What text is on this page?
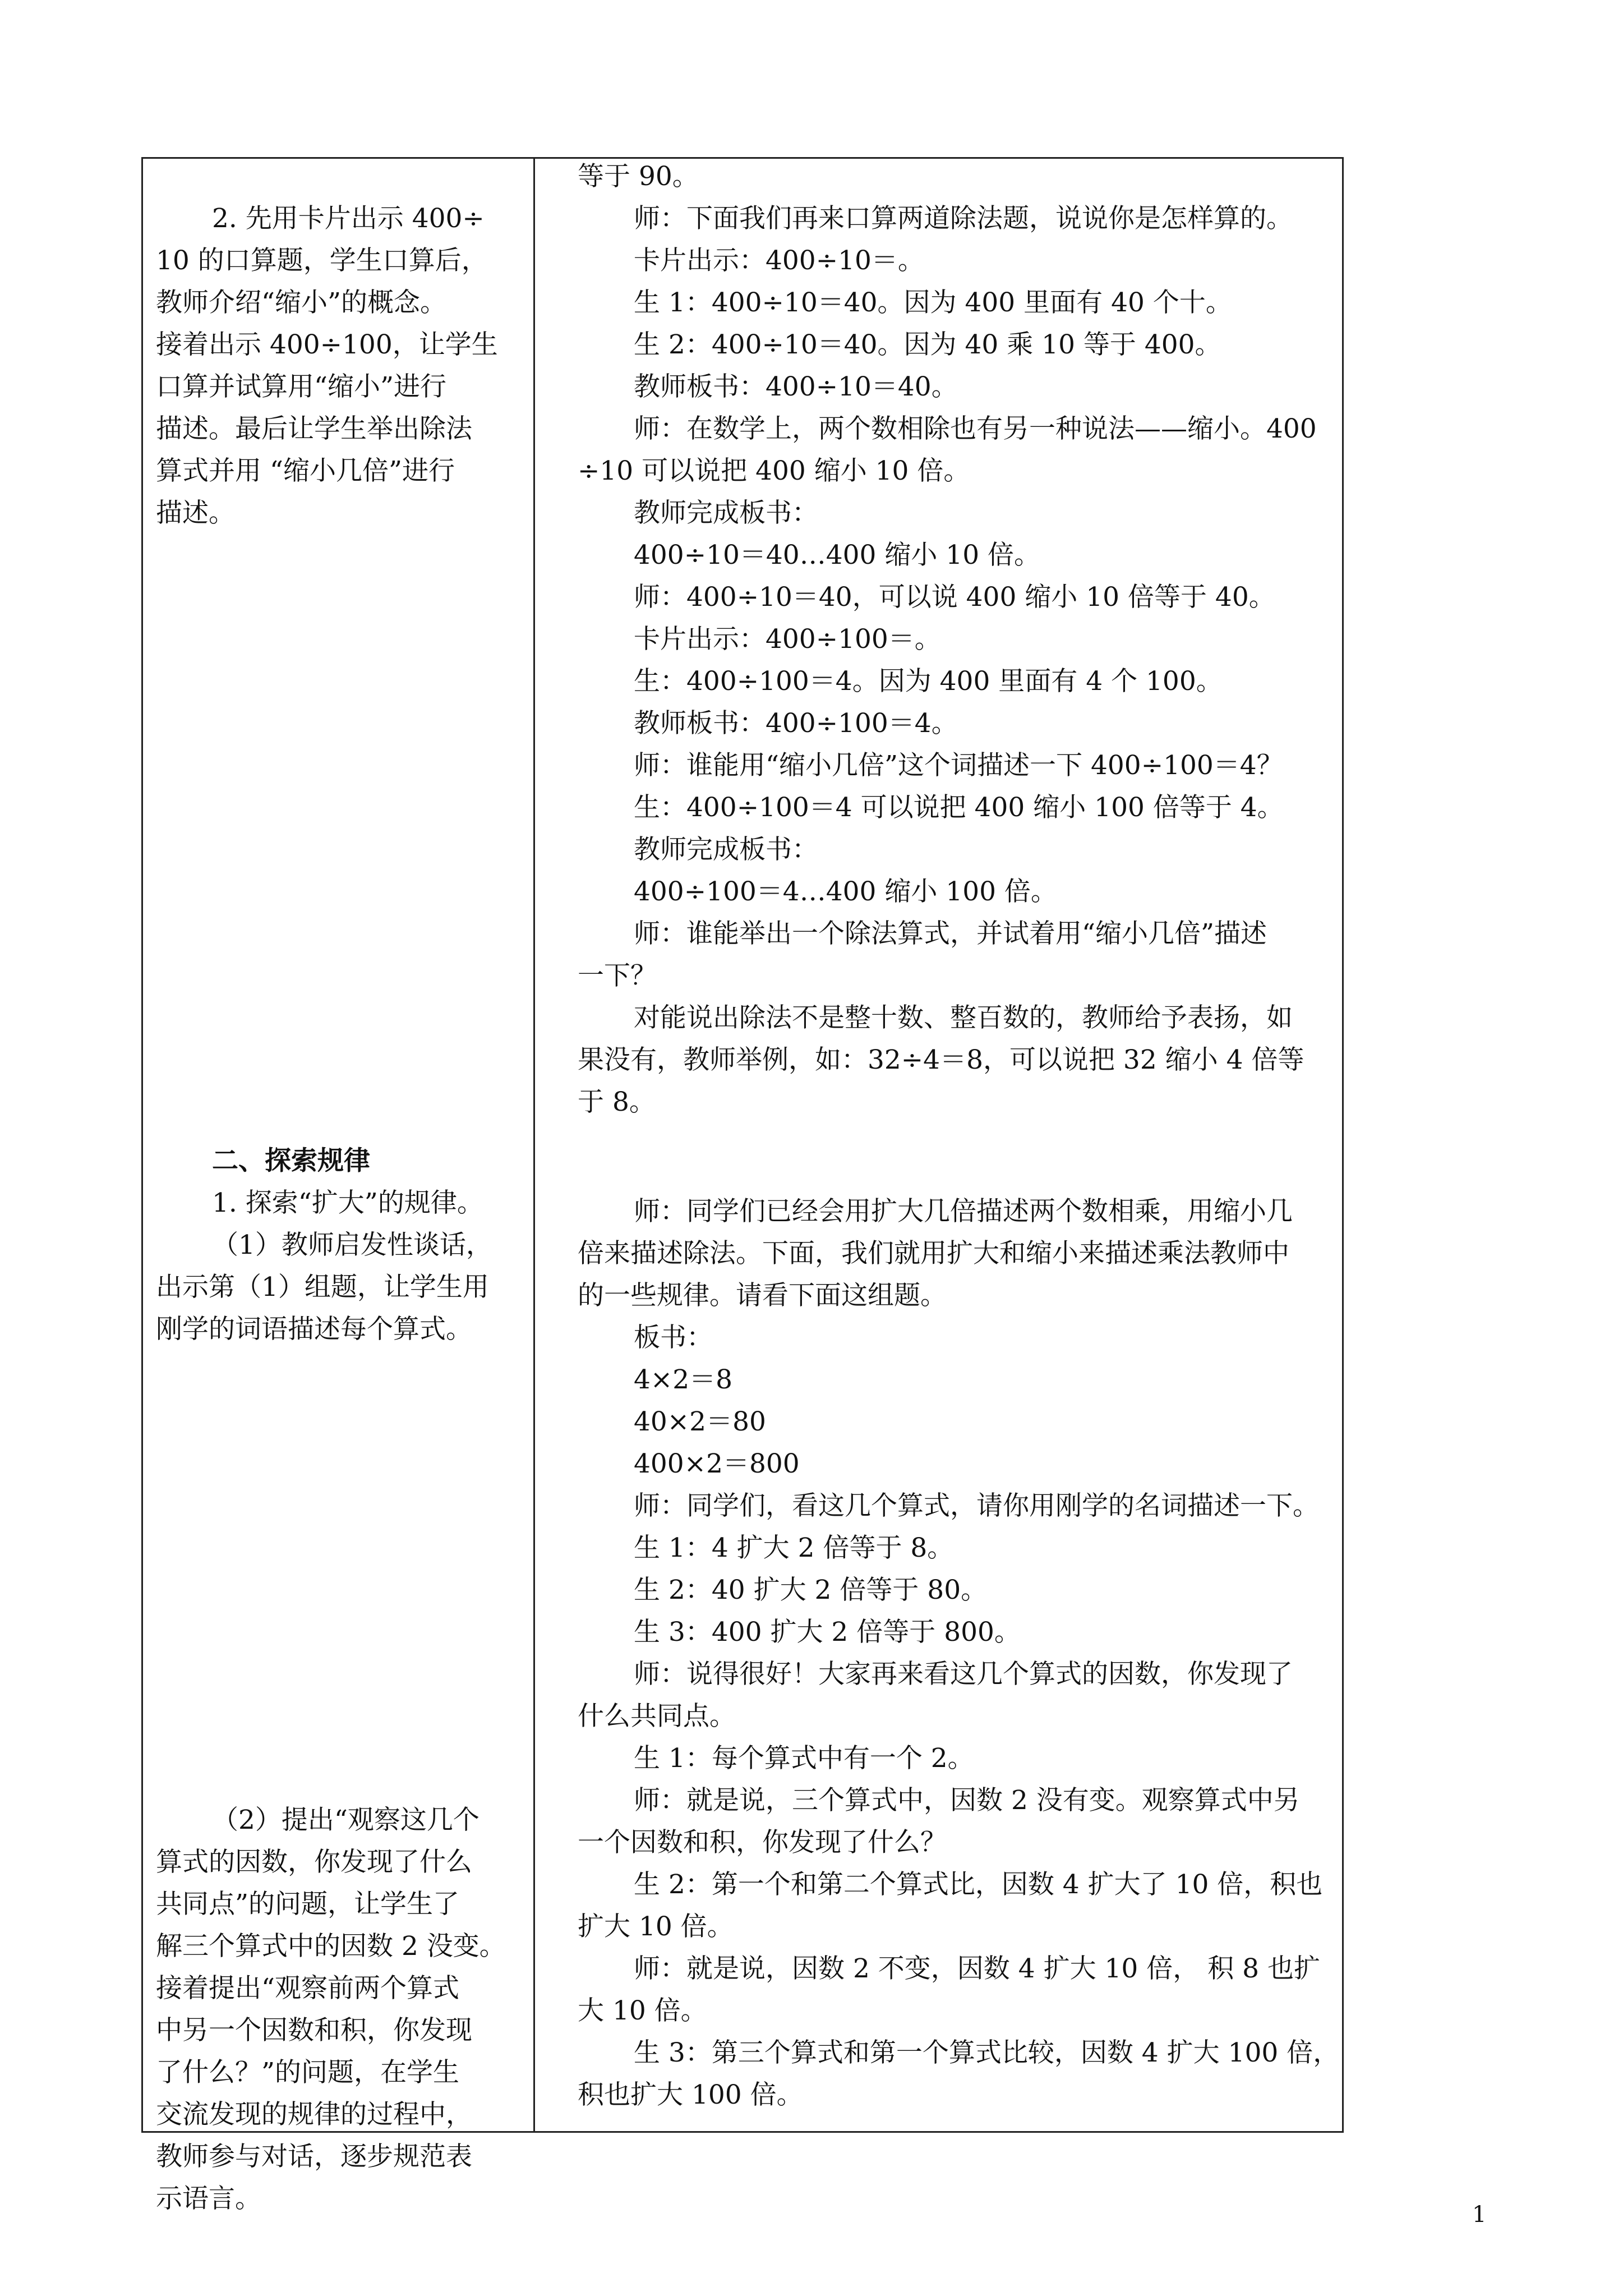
2. 先用卡片出示 400÷
10 的口算题，学生口算后，
教师介绍“缩小”的概念。
接着出示 400÷100，让学生
口算并试算用“缩小”进行
描述。最后让学生举出除法
算式并用 “缩小几倍”进行
描述。
二、探索规律
1. 探索“扩大”的规律。
（1）教师启发性谈话，
出示第（1）组题，让学生用
刚学的词语描述每个算式。
（2）提出“观察这几个
算式的因数，你发现了什么
共同点”的问题，让学生了
解三个算式中的因数 2 没变。
接着提出“观察前两个算式
中另一个因数和积，你发现
了什么？”的问题，在学生
交流发现的规律的过程中，
教师参与对话，逐步规范表
示语言。
等于 90。
师：下面我们再来口算两道除法题，说说你是怎样算的。
卡片出示：400÷10＝。
生 1：400÷10＝40。因为 400 里面有 40 个十。
生 2：400÷10＝40。因为 40 乘 10 等于 400。
教师板书：400÷10＝40。
师：在数学上，两个数相除也有另一种说法——缩小。400
÷10 可以说把 400 缩小 10 倍。
教师完成板书：
400÷10＝40…400 缩小 10 倍。
师：400÷10＝40，可以说 400 缩小 10 倍等于 40。
卡片出示：400÷100＝。
生：400÷100＝4。因为 400 里面有 4 个 100。
教师板书：400÷100＝4。
师：谁能用“缩小几倍”这个词描述一下 400÷100＝4？
生：400÷100＝4 可以说把 400 缩小 100 倍等于 4。
教师完成板书：
400÷100＝4…400 缩小 100 倍。
师：谁能举出一个除法算式，并试着用“缩小几倍”描述
一下？
对能说出除法不是整十数、整百数的，教师给予表扬，如
果没有，教师举例，如：32÷4＝8，可以说把 32 缩小 4 倍等
于 8。
师：同学们已经会用扩大几倍描述两个数相乘，用缩小几
倍来描述除法。下面，我们就用扩大和缩小来描述乘法教师中
的一些规律。请看下面这组题。
板书：
4×2＝8
40×2＝80
400×2＝800
师：同学们，看这几个算式，请你用刚学的名词描述一下。
生 1：4 扩大 2 倍等于 8。
生 2：40 扩大 2 倍等于 80。
生 3：400 扩大 2 倍等于 800。
师：说得很好！大家再来看这几个算式的因数，你发现了
什么共同点。
生 1：每个算式中有一个 2。
师：就是说，三个算式中，因数 2 没有变。观察算式中另
一个因数和积，你发现了什么？
生 2：第一个和第二个算式比，因数 4 扩大了 10 倍，积也
扩大 10 倍。
师：就是说，因数 2 不变，因数 4 扩大 10 倍， 积 8 也扩
大 10 倍。
生 3：第三个算式和第一个算式比较，因数 4 扩大 100 倍，
积也扩大 100 倍。
1
